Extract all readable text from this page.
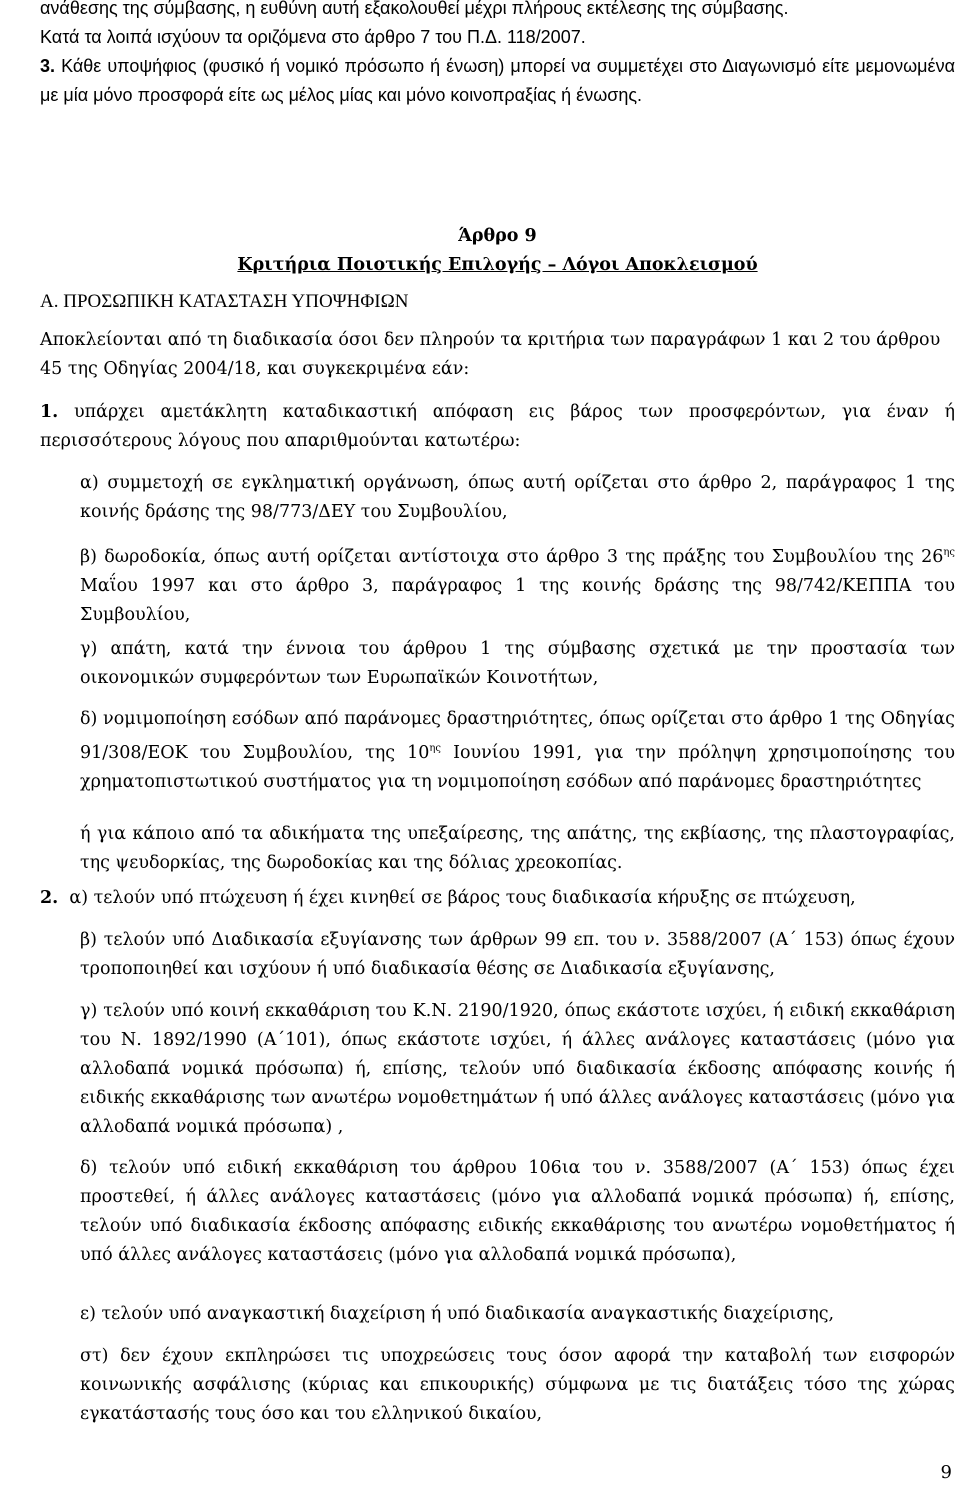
ανάθεσης της σύμβασης, η ευθύνη αυτή εξακολουθεί μέχρι πλήρους εκτέλεσης της σύμβασης.

Κατά τα λοιπά ισχύουν τα οριζόμενα στο άρθρο 7 του Π.Δ. 118/2007.

3. Κάθε υποψήφιος (φυσικό ή νομικό πρόσωπο ή ένωση) μπορεί να συμμετέχει στο Διαγωνισμό είτε μεμονωμένα με μία μόνο προσφορά είτε ως μέλος μίας και μόνο κοινοπραξίας ή ένωσης.

Άρθρο 9
Κριτήρια Ποιοτικής Επιλογής – Λόγοι Αποκλεισμού
Α. ΠΡΟΣΩΠΙΚΗ ΚΑΤΑΣΤΑΣΗ ΥΠΟΨΗΦΙΩΝ

Αποκλείονται από τη διαδικασία όσοι δεν πληρούν τα κριτήρια των παραγράφων 1 και 2 του άρθρου 45 της Οδηγίας 2004/18, και συγκεκριμένα εάν:

1. υπάρχει αμετάκλητη καταδικαστική απόφαση εις βάρος των προσφερόντων, για έναν ή περισσότερους λόγους που απαριθμούνται κατωτέρω:

α) συμμετοχή σε εγκληματική οργάνωση, όπως αυτή ορίζεται στο άρθρο 2, παράγραφος 1 της κοινής δράσης της 98/773/ΔΕΥ του Συμβουλίου,

β) δωροδοκία, όπως αυτή ορίζεται αντίστοιχα στο άρθρο 3 της πράξης του Συμβουλίου της $26^{\eta\varsigma}$ Μαΐου 1997 και στο άρθρο 3, παράγραφος 1 της κοινής δράσης της 98/742/ΚΕΠΠΑ του Συμβουλίου,

γ) απάτη, κατά την έννοια του άρθρου 1 της σύμβασης σχετικά με την προστασία των οικονομικών συμφερόντων των Ευρωπαϊκών Κοινοτήτων,

δ) νομιμοποίηση εσόδων από παράνομες δραστηριότητες, όπως ορίζεται στο άρθρο 1 της Οδηγίας 91/308/ΕΟΚ του Συμβουλίου, της $10^{\eta\varsigma}$ Ιουνίου 1991, για την πρόληψη χρησιμοποίησης του χρηματοπιστωτικού συστήματος για τη νομιμοποίηση εσόδων από παράνομες δραστηριότητες

ή για κάποιο από τα αδικήματα της υπεξαίρεσης, της απάτης, της εκβίασης, της πλαστογραφίας, της ψευδορκίας, της δωροδοκίας και της δόλιας χρεοκοπίας.

2. α) τελούν υπό πτώχευση ή έχει κινηθεί σε βάρος τους διαδικασία κήρυξης σε πτώχευση,

β) τελούν υπό Διαδικασία εξυγίανσης των άρθρων 99 επ. του ν. 3588/2007 (Α΄ 153) όπως έχουν τροποποιηθεί και ισχύουν ή υπό διαδικασία θέσης σε Διαδικασία εξυγίανσης,

γ) τελούν υπό κοινή εκκαθάριση του Κ.Ν. 2190/1920, όπως εκάστοτε ισχύει, ή ειδική εκκαθάριση του Ν. 1892/1990 (Α΄101), όπως εκάστοτε ισχύει, ή άλλες ανάλογες καταστάσεις (μόνο για αλλοδαπά νομικά πρόσωπα) ή, επίσης, τελούν υπό διαδικασία έκδοσης απόφασης κοινής ή ειδικής εκκαθάρισης των ανωτέρω νομοθετημάτων ή υπό άλλες ανάλογες καταστάσεις (μόνο για αλλοδαπά νομικά πρόσωπα) ,

δ) τελούν υπό ειδική εκκαθάριση του άρθρου 106ια του ν. 3588/2007 (Α΄ 153) όπως έχει προστεθεί, ή άλλες ανάλογες καταστάσεις (μόνο για αλλοδαπά νομικά πρόσωπα) ή, επίσης, τελούν υπό διαδικασία έκδοσης απόφασης ειδικής εκκαθάρισης του ανωτέρω νομοθετήματος ή υπό άλλες ανάλογες καταστάσεις (μόνο για αλλοδαπά νομικά πρόσωπα),

ε) τελούν υπό αναγκαστική διαχείριση ή υπό διαδικασία αναγκαστικής διαχείρισης,

στ) δεν έχουν εκπληρώσει τις υποχρεώσεις τους όσον αφορά την καταβολή των εισφορών κοινωνικής ασφάλισης (κύριας και επικουρικής) σύμφωνα με τις διατάξεις τόσο της χώρας εγκατάστασής τους όσο και του ελληνικού δικαίου,

9
